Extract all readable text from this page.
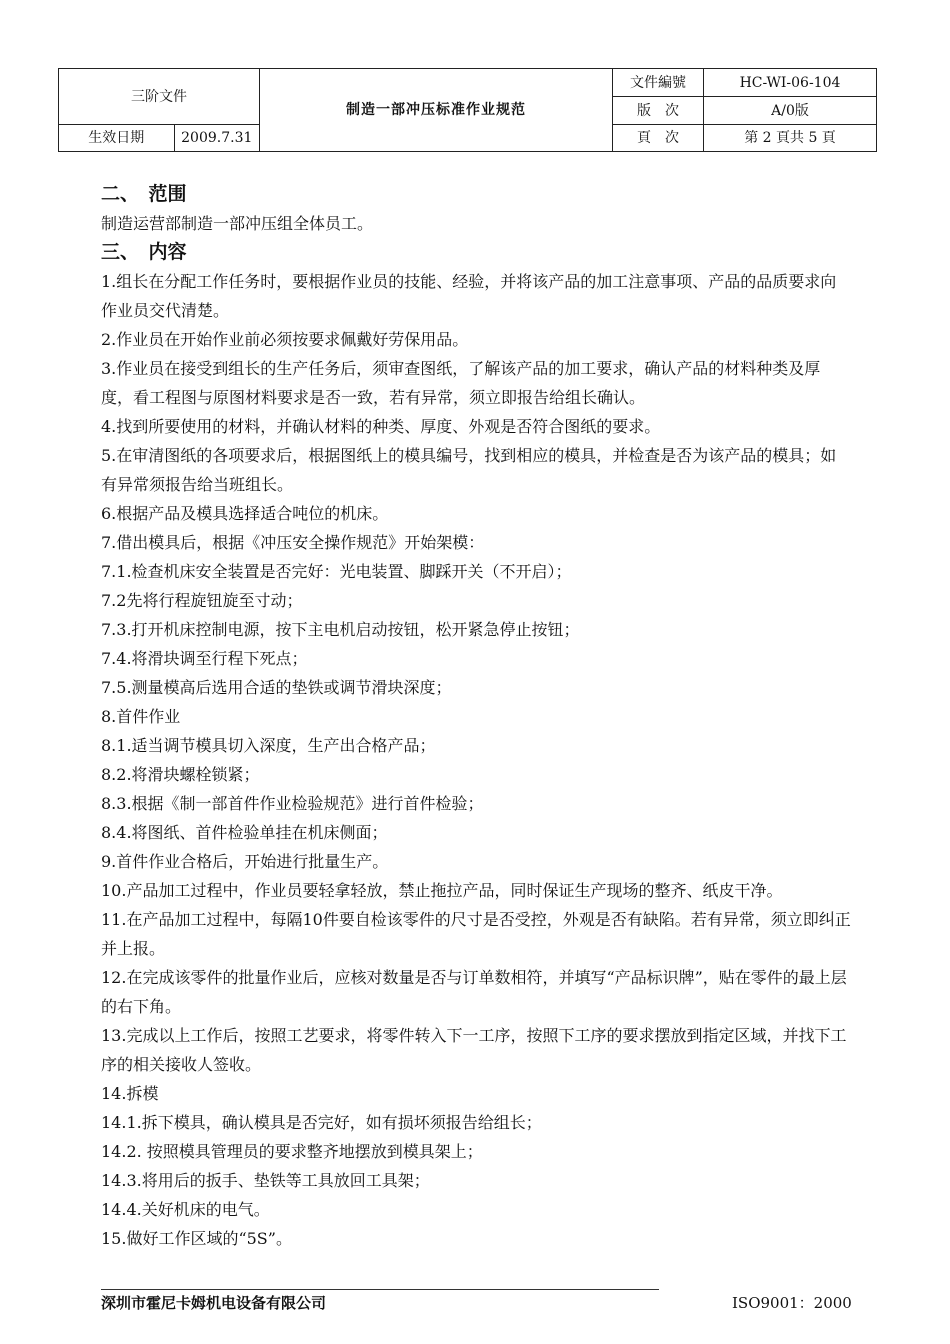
三阶文件		制造一部冲压标准作业规范	文件編號	HC-WI-06-104
			版　次	A/0版
生效日期	2009.7.31		頁　次	第 2 頁共 5 頁

二、　范围

制造运营部制造一部冲压组全体员工。

三、　内容

1.组长在分配工作任务时，要根据作业员的技能、经验，并将该产品的加工注意事项、产品的品质要求向作业员交代清楚。

2.作业员在开始作业前必须按要求佩戴好劳保用品。

3.作业员在接受到组长的生产任务后，须审查图纸，了解该产品的加工要求，确认产品的材料种类及厚度，看工程图与原图材料要求是否一致，若有异常，须立即报告给组长确认。

4.找到所要使用的材料，并确认材料的种类、厚度、外观是否符合图纸的要求。

5.在审清图纸的各项要求后，根据图纸上的模具编号，找到相应的模具，并检查是否为该产品的模具；如有异常须报告给当班组长。

6.根据产品及模具选择适合吨位的机床。

7.借出模具后，根据《冲压安全操作规范》开始架模：

7.1.检查机床安全装置是否完好：光电装置、脚踩开关（不开启）；

7.2先将行程旋钮旋至寸动；

7.3.打开机床控制电源，按下主电机启动按钮，松开紧急停止按钮；

7.4.将滑块调至行程下死点；

7.5.测量模高后选用合适的垫铁或调节滑块深度；

8.首件作业

8.1.适当调节模具切入深度，生产出合格产品；

8.2.将滑块螺栓锁紧；

8.3.根据《制一部首件作业检验规范》进行首件检验；

8.4.将图纸、首件检验单挂在机床侧面；

9.首件作业合格后，开始进行批量生产。

10.产品加工过程中，作业员要轻拿轻放，禁止拖拉产品，同时保证生产现场的整齐、纸皮干净。

11.在产品加工过程中，每隔10件要自检该零件的尺寸是否受控，外观是否有缺陷。若有异常，须立即纠正并上报。

12.在完成该零件的批量作业后，应核对数量是否与订单数相符，并填写“产品标识牌”，贴在零件的最上层的右下角。

13.完成以上工作后，按照工艺要求，将零件转入下一工序，按照下工序的要求摆放到指定区域，并找下工序的相关接收人签收。

14.拆模

14.1.拆下模具，确认模具是否完好，如有损坏须报告给组长；

14.2. 按照模具管理员的要求整齐地摆放到模具架上；

14.3.将用后的扳手、垫铁等工具放回工具架；

14.4.关好机床的电气。

15.做好工作区域的“5S”。

深圳市霍尼卡姆机电设备有限公司	ISO9001：2000
